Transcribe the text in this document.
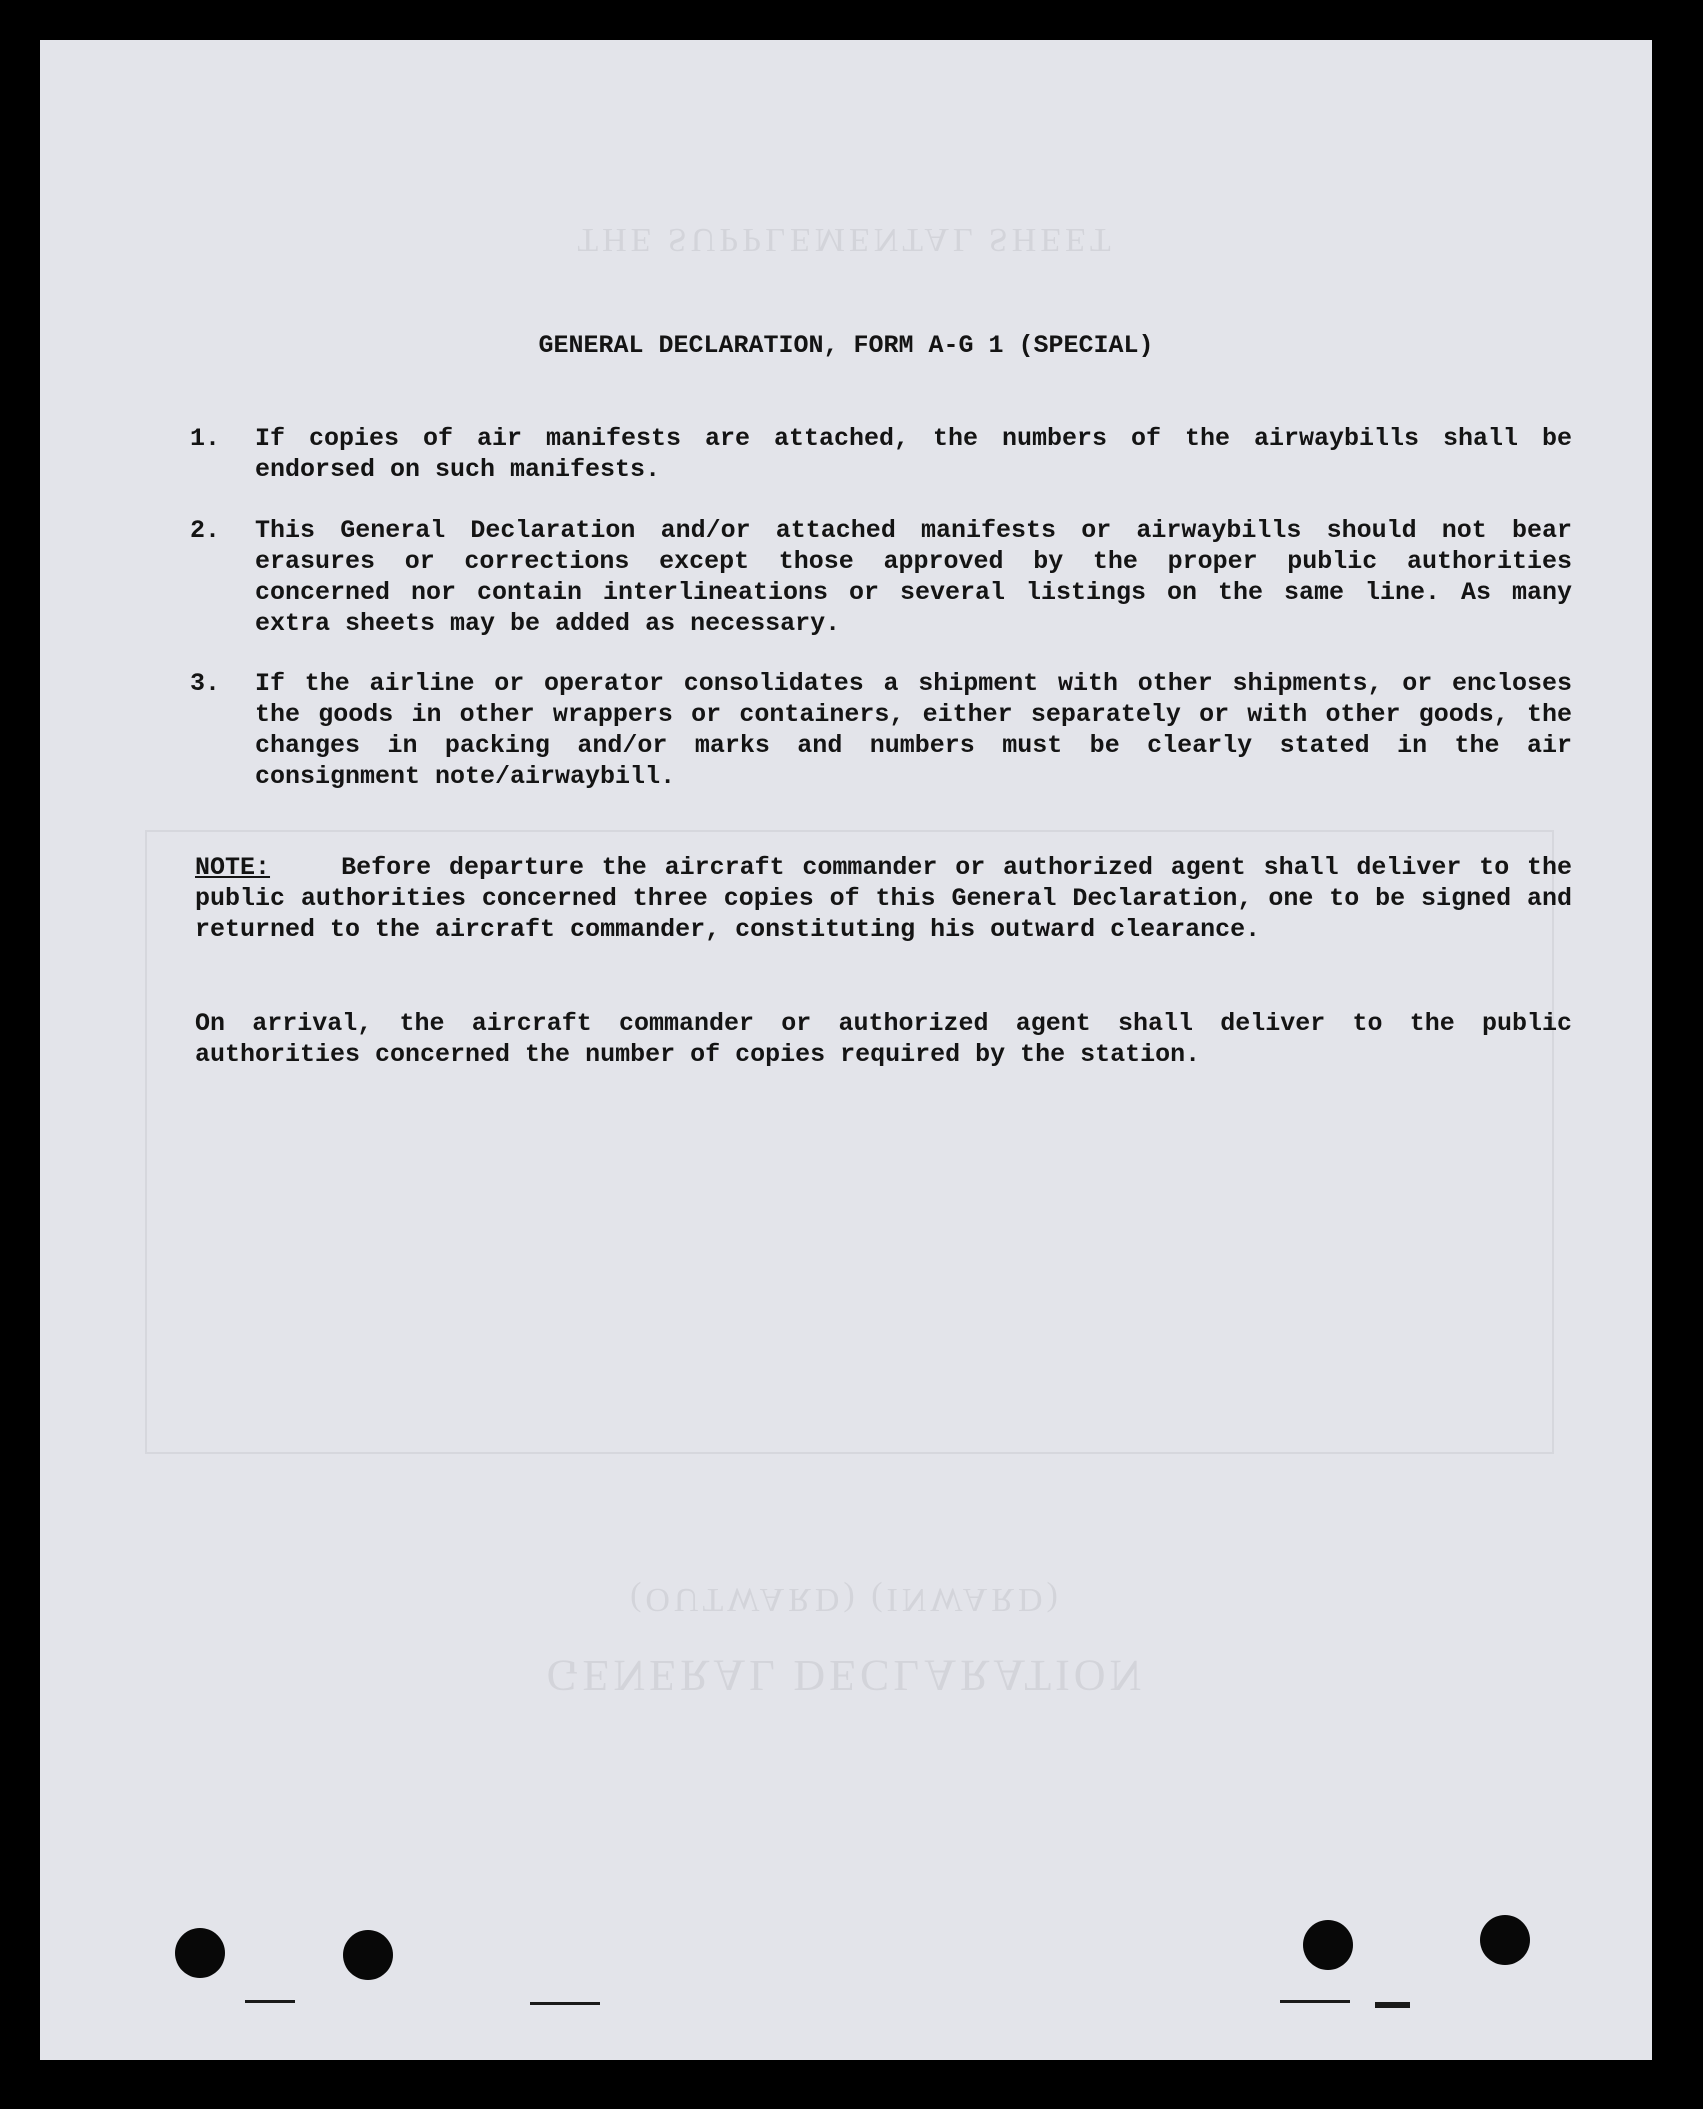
THE SUPPLEMENTAL SHEET
(OUTWARD) (INWARD)
GENERAL DECLARATION
GENERAL DECLARATION, FORM A-G 1 (SPECIAL)
1. If copies of air manifests are attached, the numbers of the airwaybills shall be endorsed on such manifests.
2. This General Declaration and/or attached manifests or airwaybills should not bear erasures or corrections except those approved by the proper public authorities concerned nor contain interlineations or several listings on the same line. As many extra sheets may be added as necessary.
3. If the airline or operator consolidates a shipment with other shipments, or encloses the goods in other wrappers or containers, either separately or with other goods, the changes in packing and/or marks and numbers must be clearly stated in the air consignment note/airwaybill.
NOTE:	Before departure the aircraft commander or authorized agent shall deliver to the public authorities concerned three copies of this General Declaration, one to be signed and returned to the aircraft commander, constituting his outward clearance.
On arrival, the aircraft commander or authorized agent shall deliver to the public authorities concerned the number of copies required by the station.
